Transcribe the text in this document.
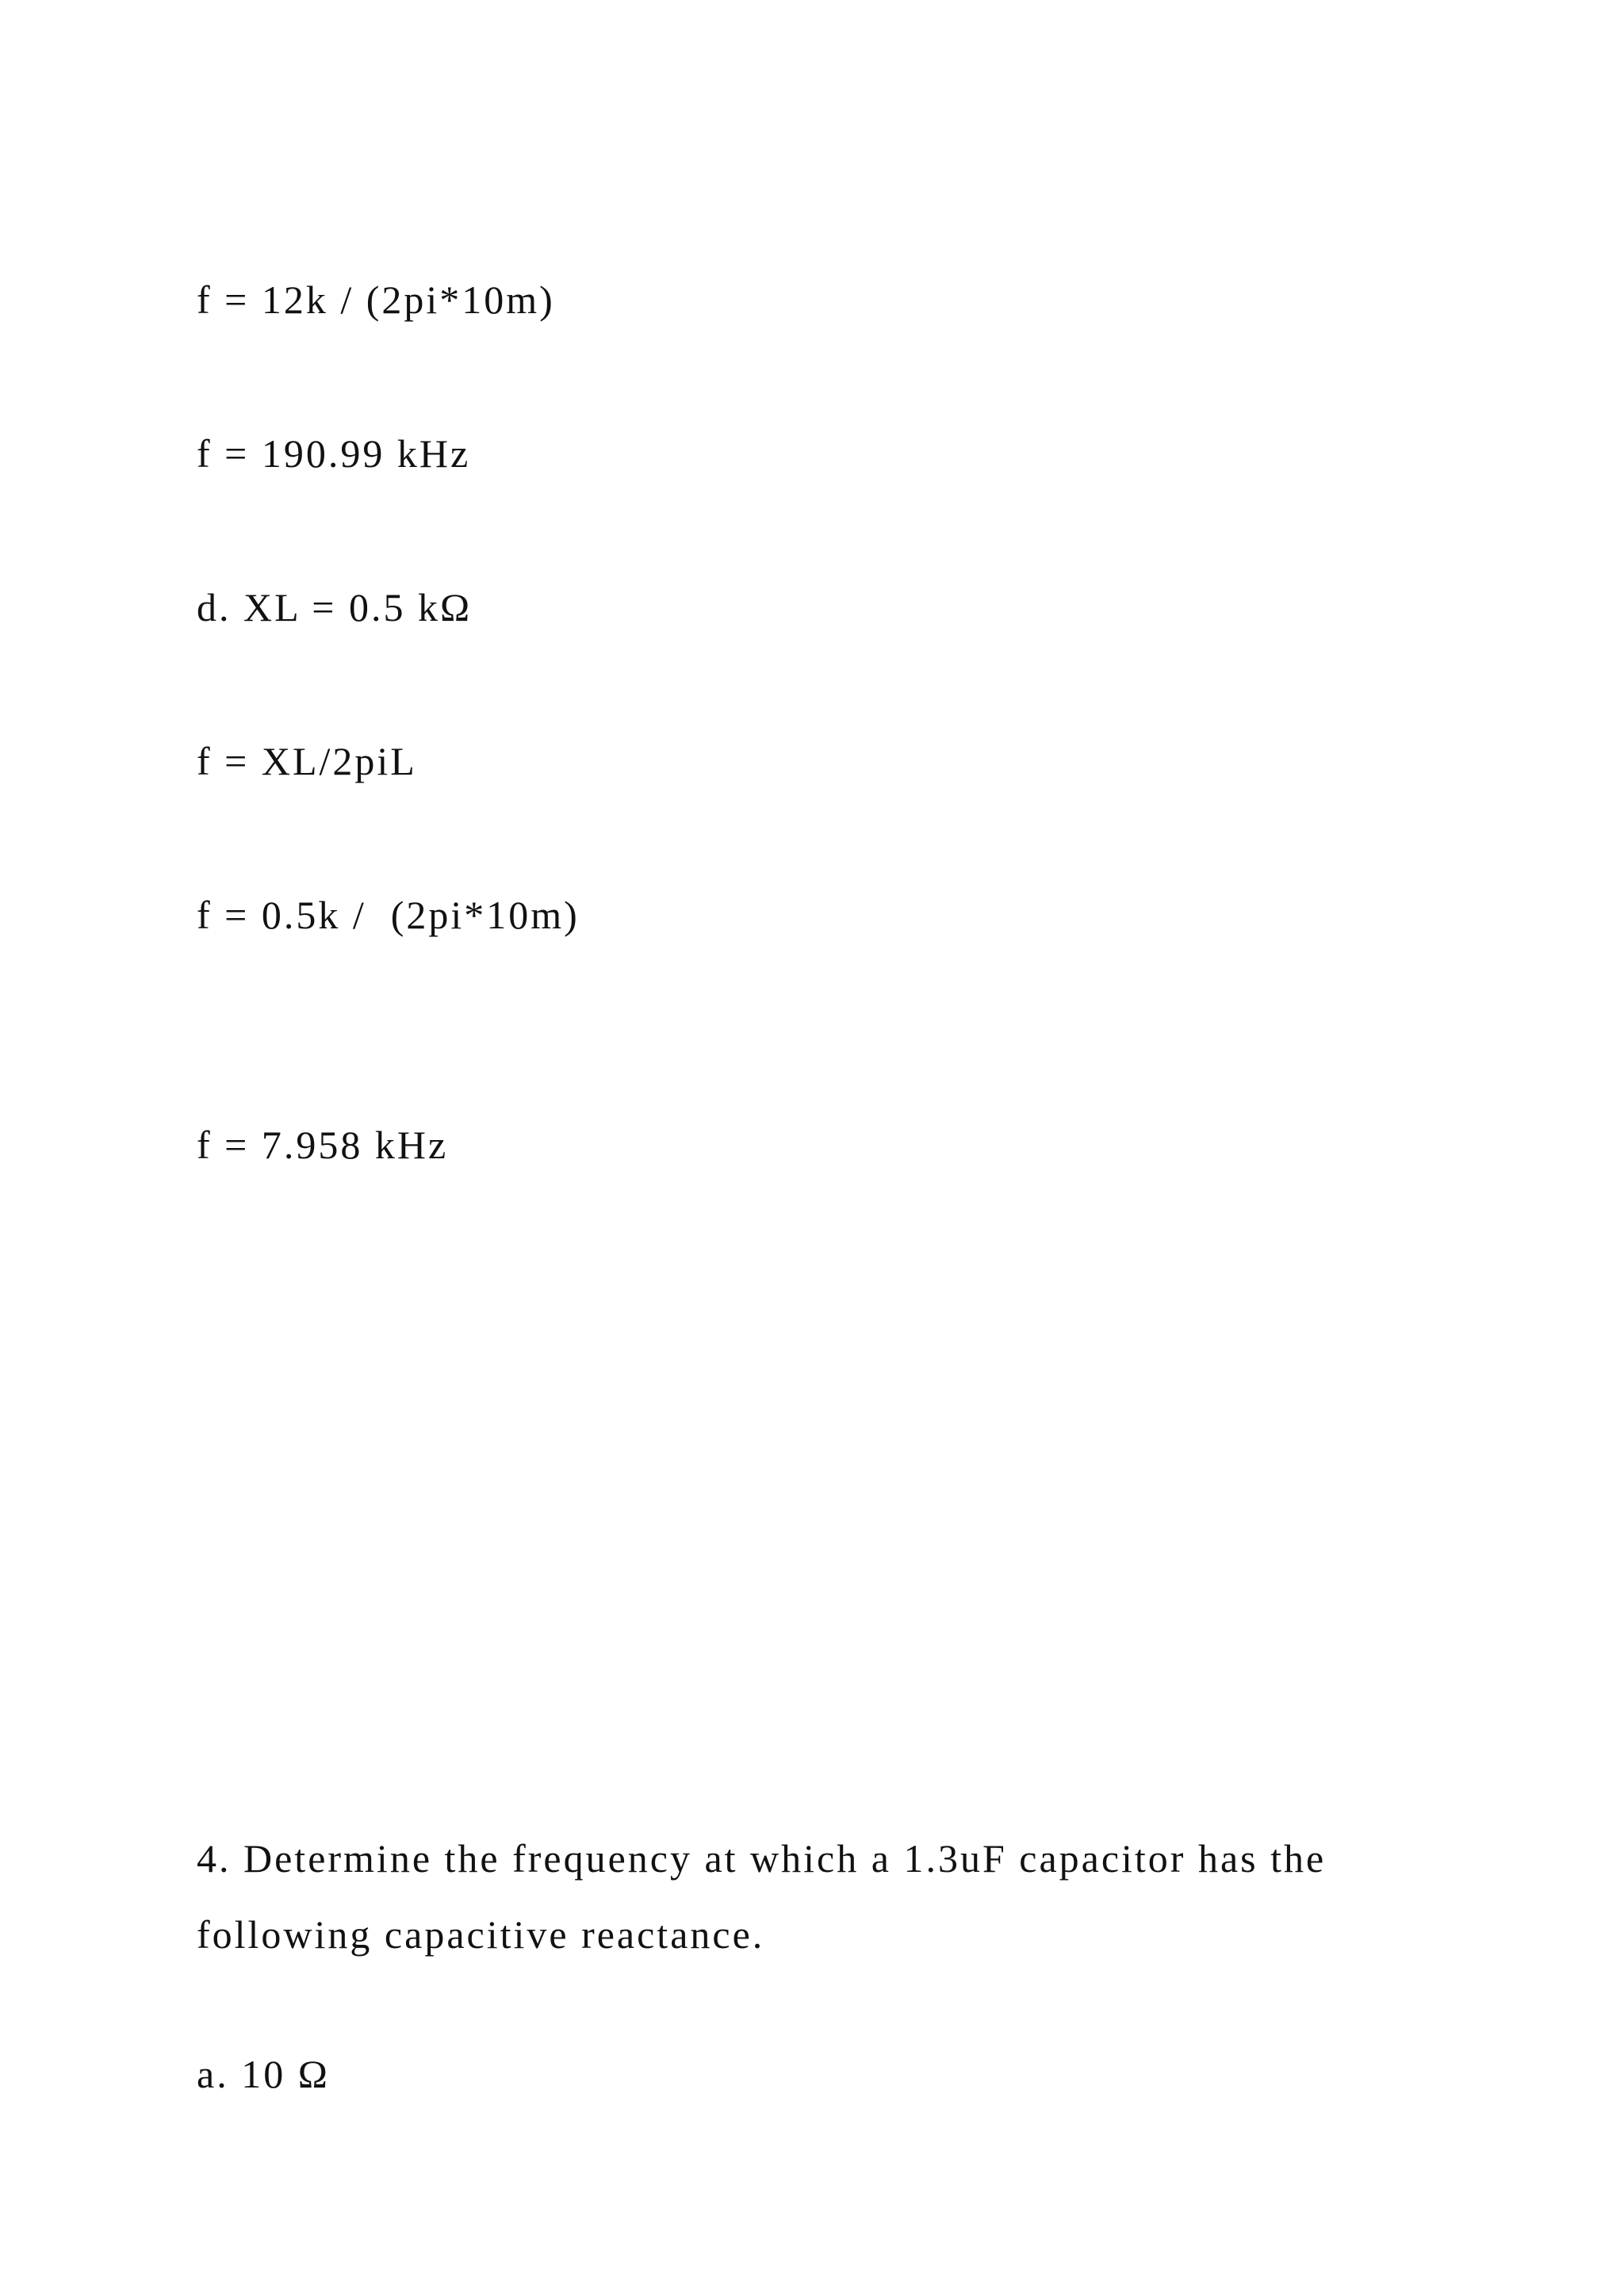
f = 12k / (2pi*10m)
f = 190.99 kHz
d. XL = 0.5 kΩ
f = XL/2piL
f = 0.5k /  (2pi*10m)
f = 7.958 kHz
4. Determine the frequency at which a 1.3uF capacitor has the following capacitive reactance.
a. 10 Ω
